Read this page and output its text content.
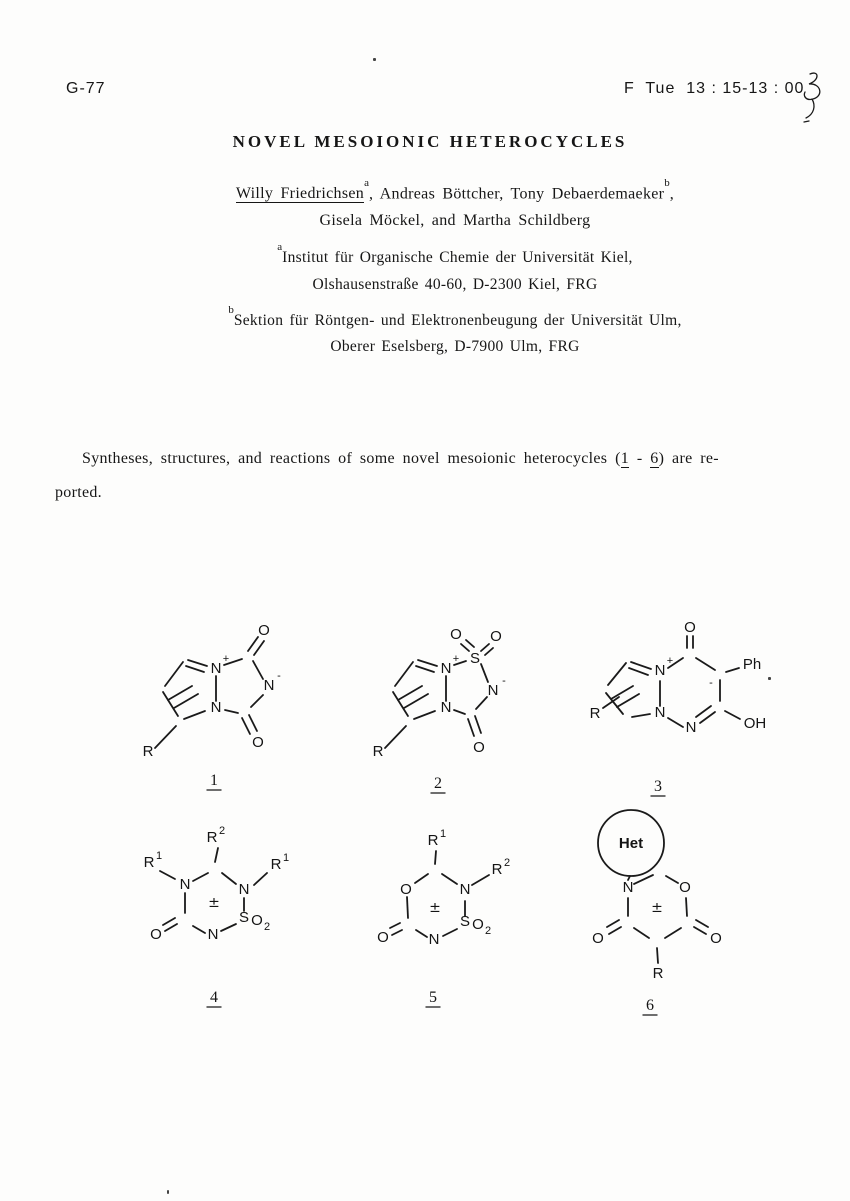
G-77	F  Tue  13 : 15-13 : 00
NOVEL MESOIONIC HETEROCYCLES
Willy Friedrichsen$^a$, Andreas Böttcher, Tony Debaerdemaeker$^b$,
Gisela Möckel, and Martha Schildberg
$^a$Institut für Organische Chemie der Universität Kiel,
Olshausenstraße 40-60, D-2300 Kiel, FRG
$^b$Sektion für Röntgen- und Elektronenbeugung der Universität Ulm,
Oberer Eselsberg, D-7900 Ulm, FRG
Syntheses, structures, and reactions of some novel mesoionic heterocycles (1 - 6) are re-
ported.
N
+
N
O
N
-
O
R
1
N
+
N
S
O O
N
-
O
R
2
N
+
N
O
Ph
-
OH
N
R
3
R 2
R 1	R 1
N	N
S O 2
N
O
±
4
R 1
R 2
O	N
S O 2
N
O
±
5
Het
N	O
O	O
R
±
6
